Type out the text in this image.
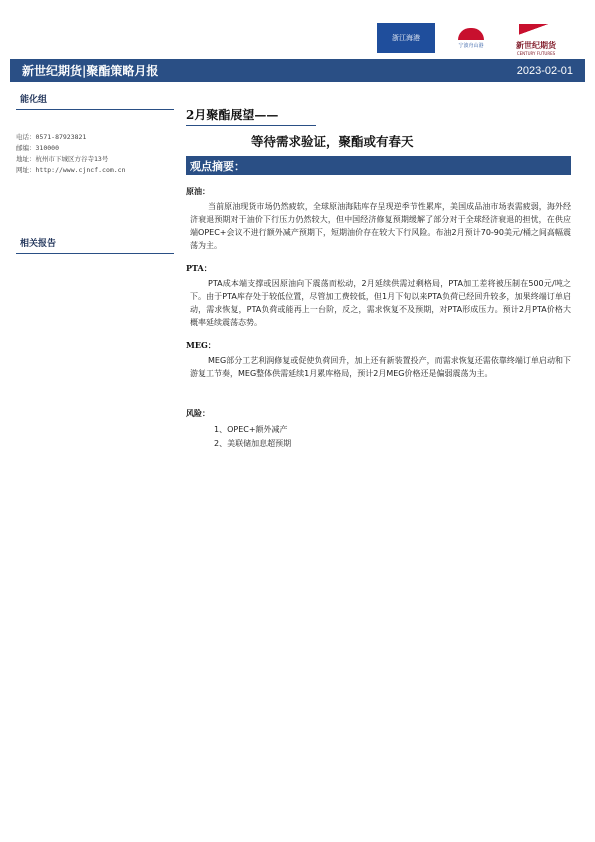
浙江海港
宁波舟山港	新世纪期货
CENTURY FUTURES
新世纪期货|聚酯策略月报	2023-02-01
能化组
电话：0571-87923821
邮编：310000
地址：杭州市下城区方谷寺13号
网址：http://www.cjncf.com.cn
相关报告
2月聚酯展望——
等待需求验证，聚酯或有春天
观点摘要：
原油：
当前原油现货市场仍然疲软，全球原油海陆库存呈现逆季节性累库，美国成品油市场表需疲弱，海外经济衰退预期对于油价下行压力仍然较大，但中国经济修复预期缓解了部分对于全球经济衰退的担忧，在供应端OPEC+会议不进行额外减产预期下，短期油价存在较大下行风险。布油2月预计70-90美元/桶之间高幅震荡为主。
PTA：
PTA成本端支撑或因原油向下震荡而松动，2月延续供需过剩格局，PTA加工差将被压制在500元/吨之下。由于PTA库存处于较低位置，尽管加工费较低，但1月下旬以来PTA负荷已经回升较多，加果终端订单启动，需求恢复，PTA负荷或能再上一台阶，反之，需求恢复不及预期，对PTA形成压力。预计2月PTA价格大概率延续震荡态势。
MEG：
MEG部分工艺利润修复或促使负荷回升，加上还有新装置投产，而需求恢复还需依靠终端订单启动和下游复工节奏，MEG整体供需延续1月累库格局，预计2月MEG价格还是偏弱震荡为主。
风险：
1、OPEC+额外减产
2、美联储加息超预期
